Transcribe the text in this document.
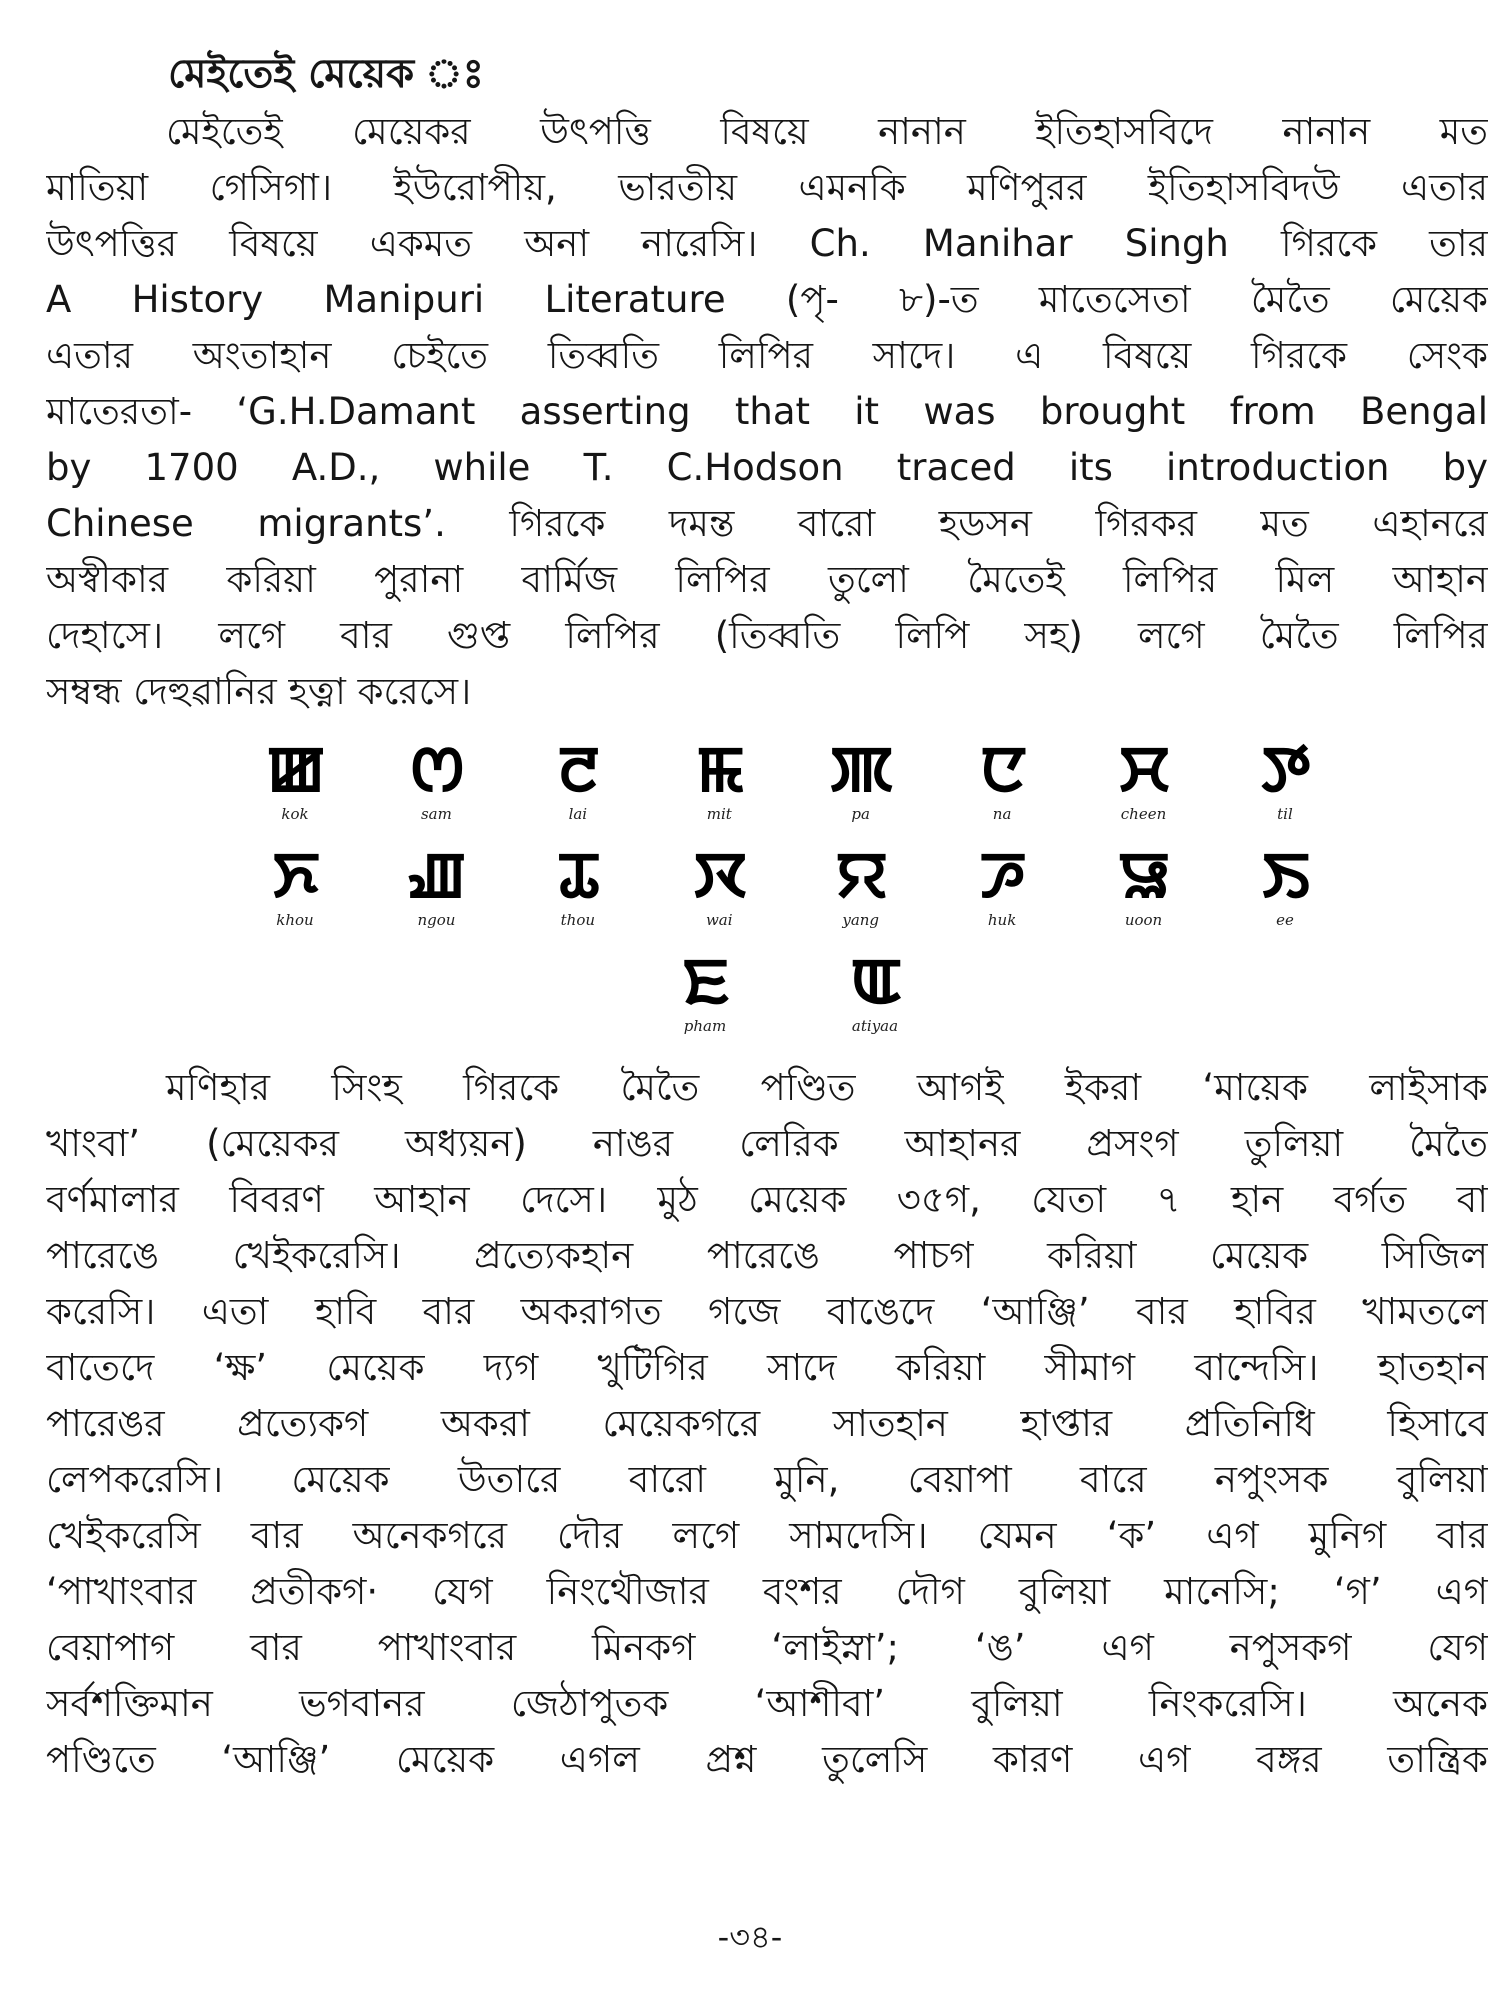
মেইতেই মেয়েক ঃ
মেইতেই মেয়েকর উৎপত্তি বিষয়ে নানান ইতিহাসবিদে নানান মত
মাতিয়া গেসিগা। ইউরোপীয়, ভারতীয় এমনকি মণিপুরর ইতিহাসবিদউ এতার
উৎপত্তির বিষয়ে একমত অনা নারেসি। Ch. Manihar Singh গিরকে তার
A History Manipuri Literature (পৃ- ৮)-ত মাতেসেতা মৈতৈ মেয়েক
এতার অংতাহান চেইতে তিব্বতি লিপির সাদে। এ বিষয়ে গিরকে সেংক
মাতেরতা- ‘G.H.Damant asserting that it was brought from Bengal
by 1700 A.D., while T. C.Hodson traced its introduction by
Chinese migrants’. গিরকে দমন্ত বারো হডসন গিরকর মত এহানরে
অস্বীকার করিয়া পুরানা বার্মিজ লিপির তুলো মৈতেই লিপির মিল আহান
দেহাসে। লগে বার গুপ্ত লিপির (তিব্বতি লিপি সহ) লগে মৈতৈ লিপির
সম্বন্ধ দেহুৱানির হত্না করেসে।
ꯀ
kok
ꯁ
sam
ꯂ
lai
ꯃ
mit
ꯄ
pa
ꯅ
na
ꯆ
cheen
ꯇ
til
ꯈ
khou
ꯉ
ngou
ꯊ
thou
ꯋ
wai
ꯌ
yang
ꯍ
huk
ꯎ
uoon
ꯏ
ee
ꯐ
pham
ꯑ
atiyaa
মণিহার সিংহ গিরকে মৈতৈ পণ্ডিত আগই ইকরা ‘মায়েক লাইসাক
খাংবা’ (মেয়েকর অধ্যয়ন) নাঙর লেরিক আহানর প্রসংগ তুলিয়া মৈতৈ
বর্ণমালার বিবরণ আহান দেসে। মুঠ মেয়েক ৩৫গ, যেতা ৭ হান বর্গত বা
পারেঙে খেইকরেসি। প্রত্যেকহান পারেঙে পাচগ করিয়া মেয়েক সিজিল
করেসি। এতা হাবি বার অকরাগত গজে বাঙেদে ‘আঞ্জি’ বার হাবির খামতলে
বাতেদে ‘ক্ষ’ মেয়েক দ্যগ খুটিগির সাদে করিয়া সীমাগ বান্দেসি। হাতহান
পারেঙর প্রত্যেকগ অকরা মেয়েকগরে সাতহান হাপ্তার প্রতিনিধি হিসাবে
লেপকরেসি। মেয়েক উতারে বারো মুনি, বেয়াপা বারে নপুংসক বুলিয়া
খেইকরেসি বার অনেকগরে দৌর লগে সামদেসি। যেমন ‘ক’ এগ মুনিগ বার
‘পাখাংবার প্রতীকগ· যেগ নিংথৌজার বংশর দৌগ বুলিয়া মানেসি; ‘গ’ এগ
বেয়াপাগ বার পাখাংবার মিনকগ ‘লাইস্না’; ‘ঙ’ এগ নপুসকগ যেগ
সর্বশক্তিমান ভগবানর জেঠাপুতক ‘আশীবা’ বুলিয়া নিংকরেসি। অনেক
পণ্ডিতে ‘আঞ্জি’ মেয়েক এগল প্রশ্ন তুলেসি কারণ এগ বঙ্গর তান্ত্রিক
-৩৪-
